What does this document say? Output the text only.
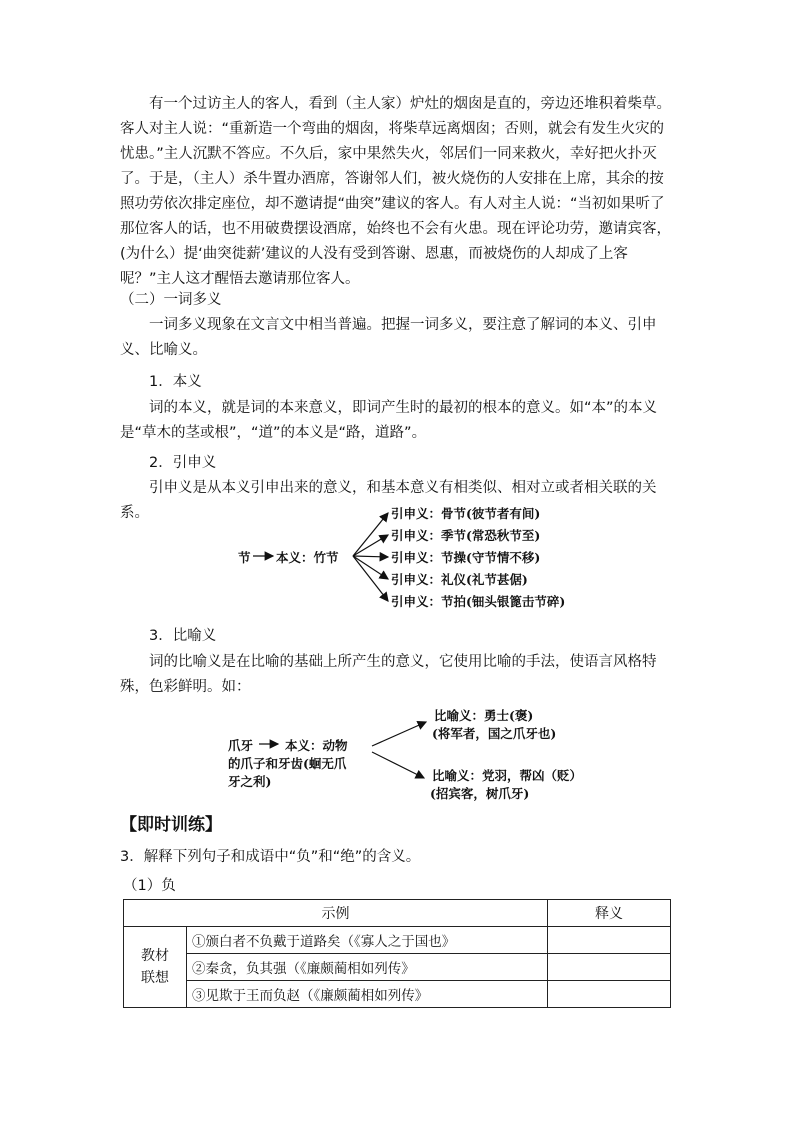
有一个过访主人的客人，看到（主人家）炉灶的烟囱是直的，旁边还堆积着柴草。客人对主人说：“重新造一个弯曲的烟囱，将柴草远离烟囱；否则，就会有发生火灾的忧患。”主人沉默不答应。不久后，家中果然失火，邻居们一同来救火，幸好把火扑灭了。于是，（主人）杀牛置办酒席，答谢邻人们，被火烧伤的人安排在上席，其余的按照功劳依次排定座位，却不邀请提“曲突”建议的客人。有人对主人说：“当初如果听了那位客人的话，也不用破费摆设酒席，始终也不会有火患。现在评论功劳，邀请宾客，(为什么）提‘曲突徙薪’建议的人没有受到答谢、恩惠，而被烧伤的人却成了上客呢？”主人这才醒悟去邀请那位客人。

（二）一词多义

一词多义现象在文言文中相当普遍。把握一词多义，要注意了解词的本义、引申义、比喻义。

1．本义

词的本义，就是词的本来意义，即词产生时的最初的根本的意义。如“本”的本义是“草木的茎或根”，“道”的本义是“路，道路”。

2．引申义

引申义是从本义引申出来的意义，和基本意义有相类似、相对立或者相关联的关系。

节 本义：竹节
引申义：骨节(彼节者有间)
引申义：季节(常恐秋节至)
引申义：节操(守节情不移)
引申义：礼仪(礼节甚倨)
引申义：节拍(钿头银篦击节碎)

3．比喻义

词的比喻义是在比喻的基础上所产生的意义，它使用比喻的手法，使语言风格特殊，色彩鲜明。如：

爪牙	本义：动物
的爪子和牙齿(蛔无爪
牙之利)
比喻义：勇士(褒)
(将军者，国之爪牙也)
比喻义：党羽，帮凶（贬）
(招宾客，树爪牙)
【即时训练】

3．解释下列句子和成语中“负”和“绝”的含义。

（1）负

示例		释义
教材
联想	①颁白者不负戴于道路矣（《寡人之于国也》	
	②秦贪，负其强（《廉颇蔺相如列传》	
	③见欺于王而负赵（《廉颇蔺相如列传》	
